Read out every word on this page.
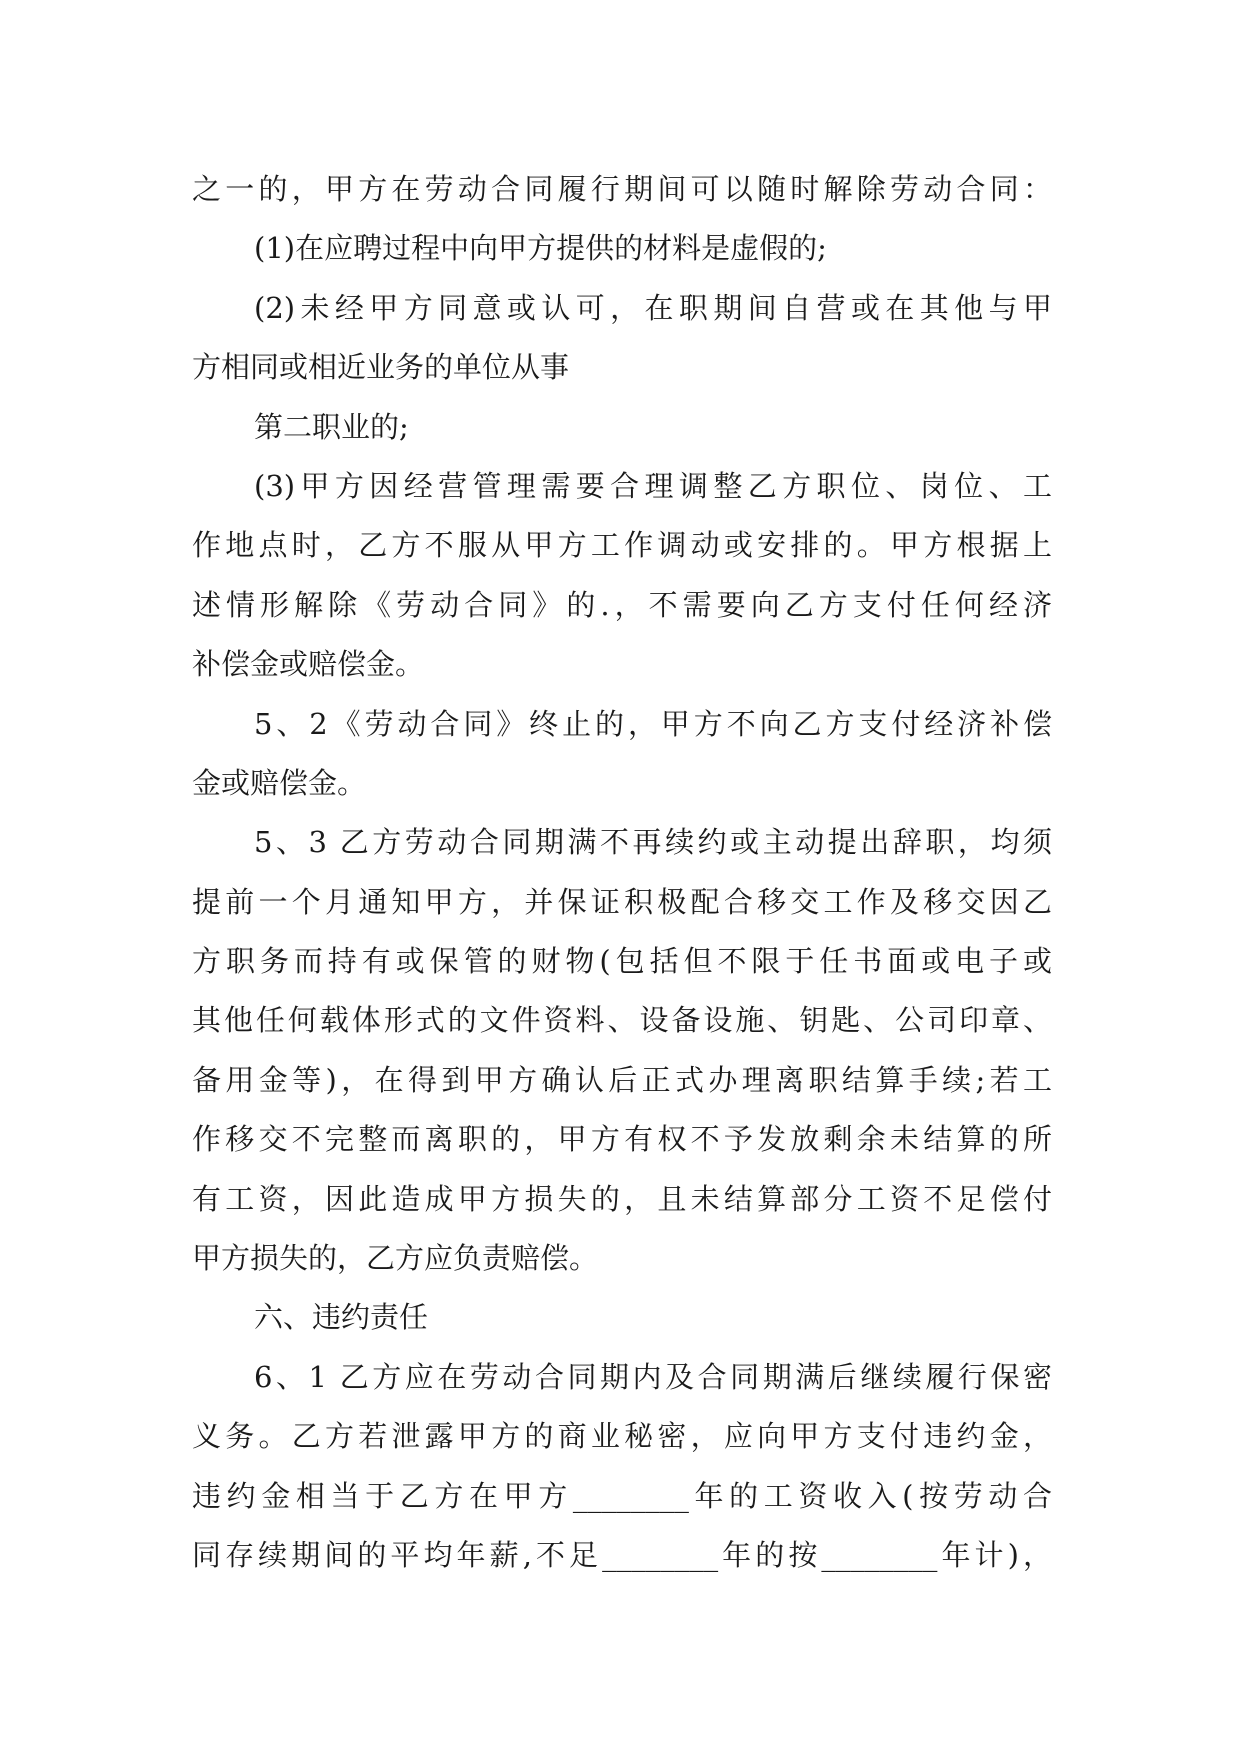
之一的，甲方在劳动合同履行期间可以随时解除劳动合同：
(1)在应聘过程中向甲方提供的材料是虚假的;
(2)未经甲方同意或认可，在职期间自营或在其他与甲
方相同或相近业务的单位从事
第二职业的;
(3)甲方因经营管理需要合理调整乙方职位、岗位、工
作地点时，乙方不服从甲方工作调动或安排的。甲方根据上
述情形解除《劳动合同》的.，不需要向乙方支付任何经济
补偿金或赔偿金。
5、2《劳动合同》终止的，甲方不向乙方支付经济补偿
金或赔偿金。
5、3 乙方劳动合同期满不再续约或主动提出辞职，均须
提前一个月通知甲方，并保证积极配合移交工作及移交因乙
方职务而持有或保管的财物(包括但不限于任书面或电子或
其他任何载体形式的文件资料、设备设施、钥匙、公司印章、
备用金等)，在得到甲方确认后正式办理离职结算手续;若工
作移交不完整而离职的，甲方有权不予发放剩余未结算的所
有工资，因此造成甲方损失的，且未结算部分工资不足偿付
甲方损失的，乙方应负责赔偿。
六、违约责任
6、1 乙方应在劳动合同期内及合同期满后继续履行保密
义务。乙方若泄露甲方的商业秘密，应向甲方支付违约金，
违约金相当于乙方在甲方________年的工资收入(按劳动合
同存续期间的平均年薪,不足________年的按________年计)，
